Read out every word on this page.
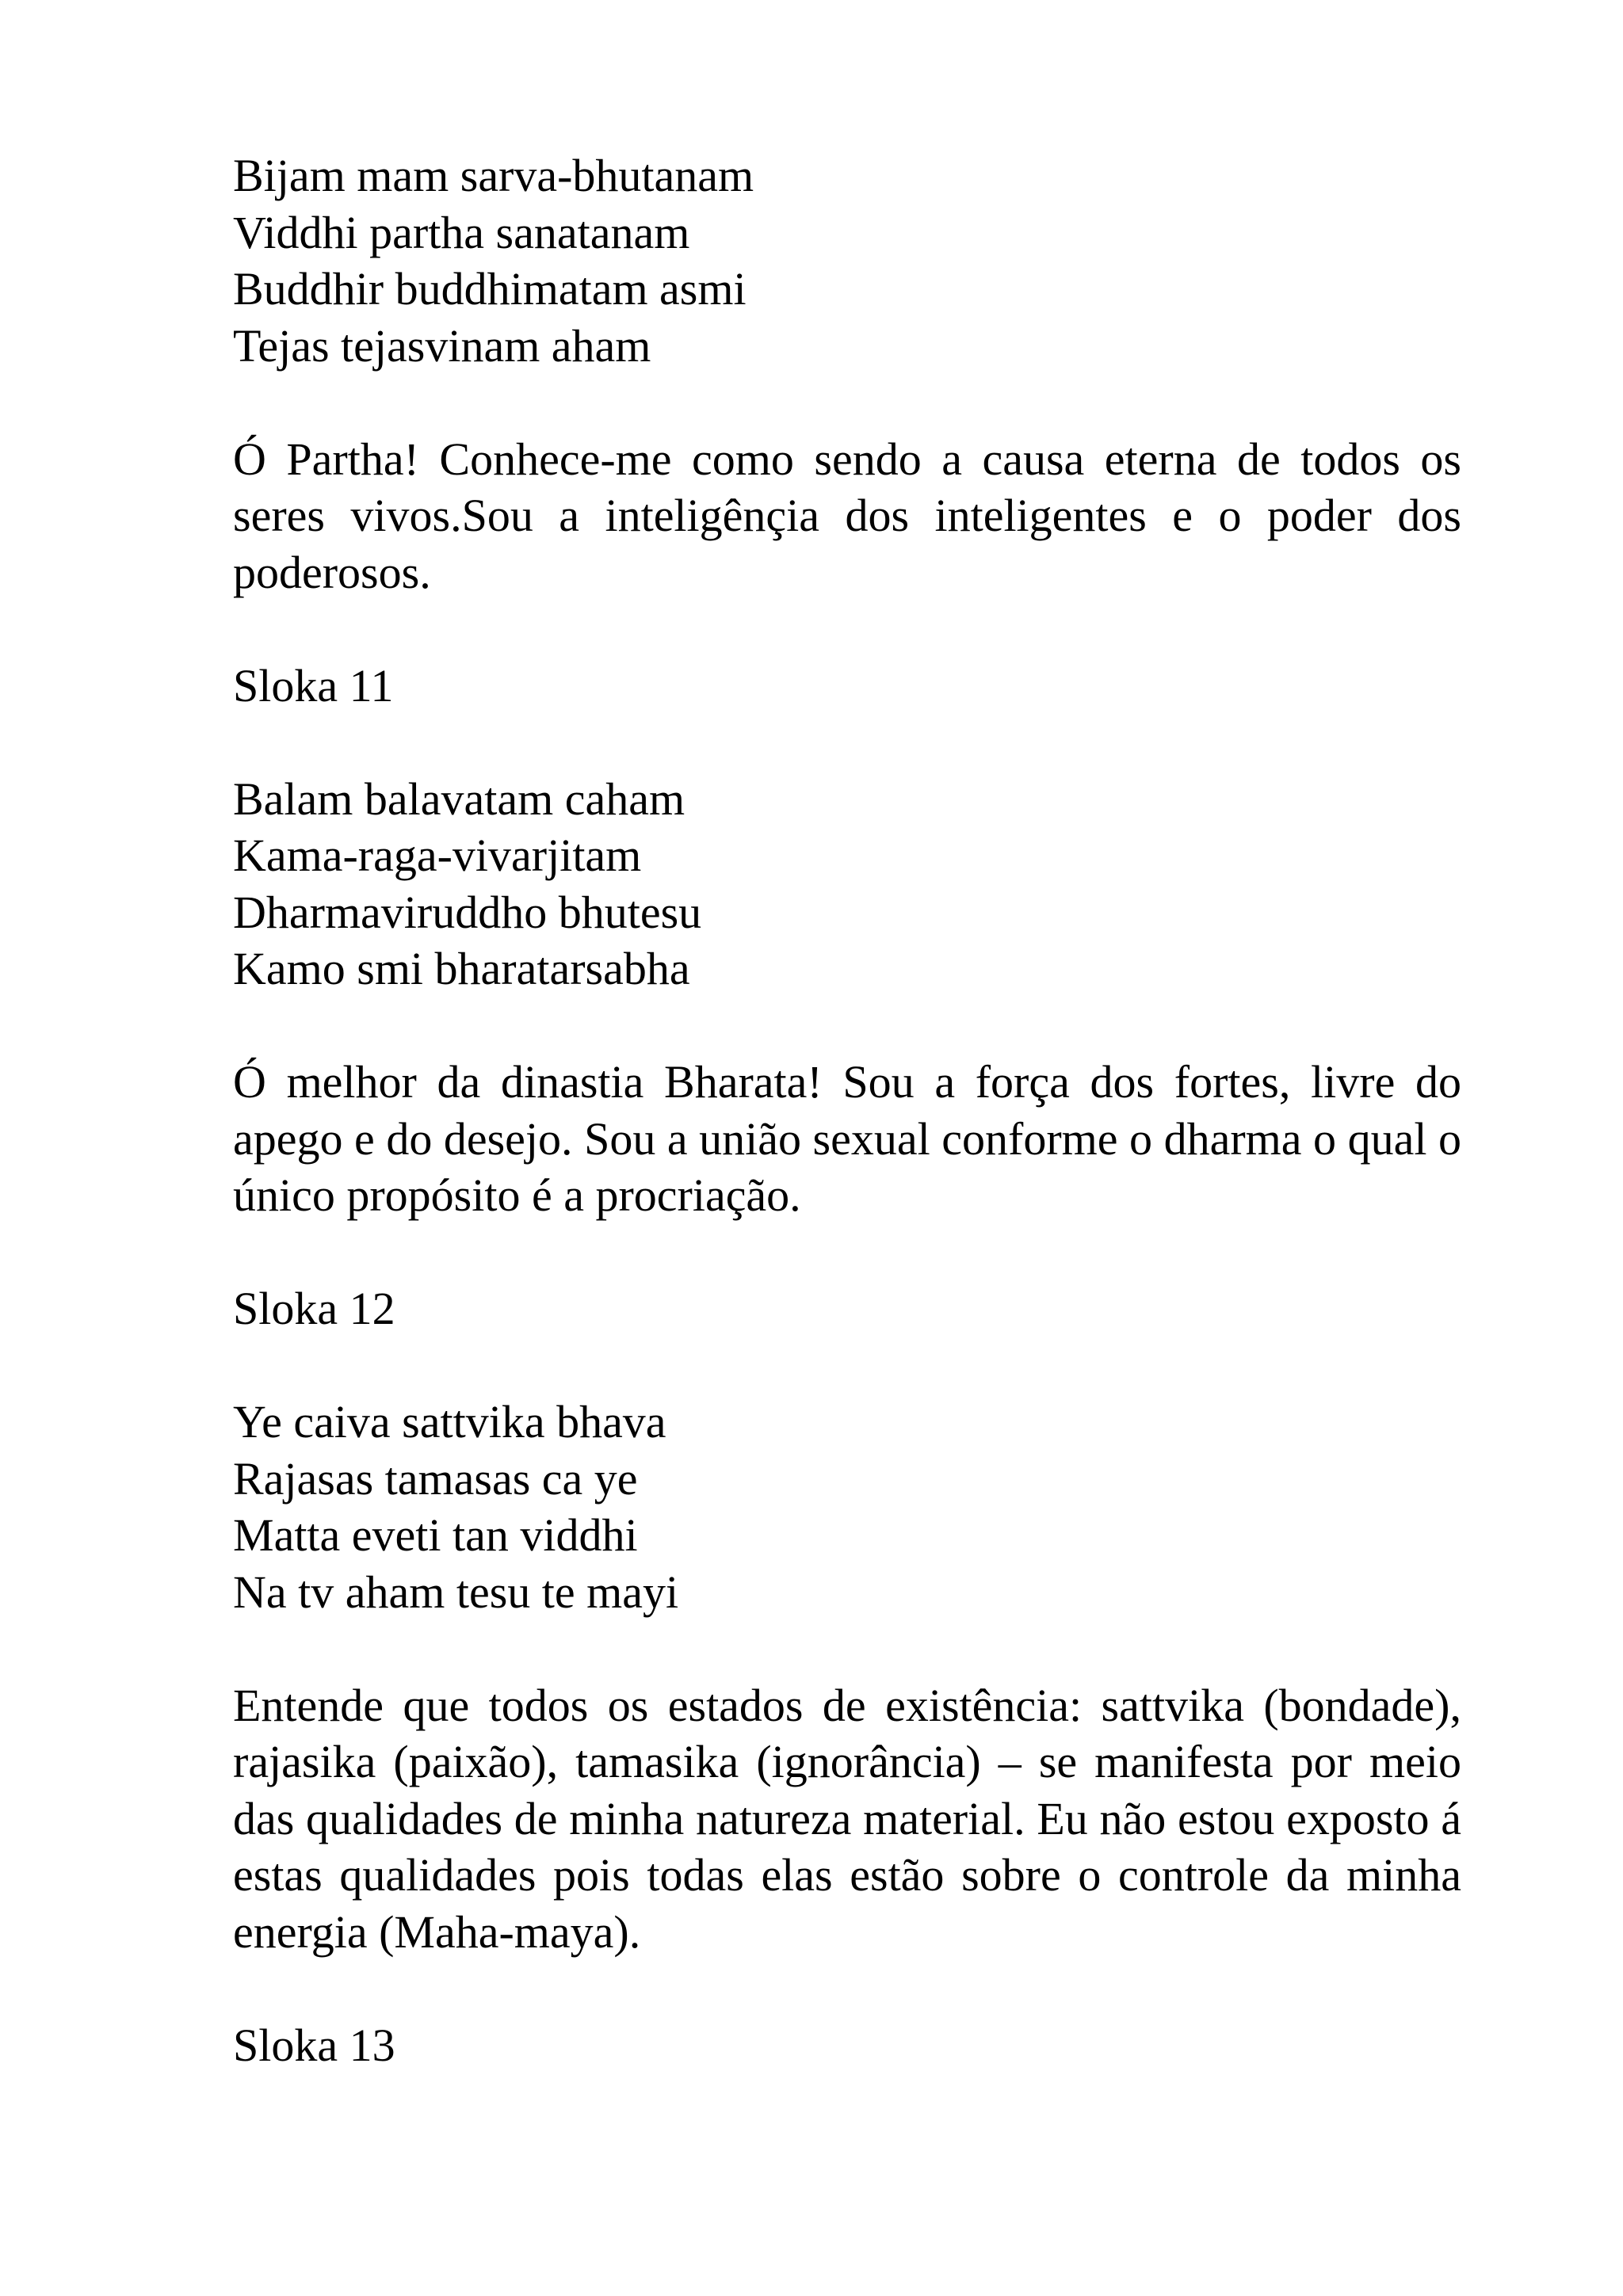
Bijam mam sarva-bhutanam
Viddhi partha sanatanam
Buddhir buddhimatam asmi
Tejas tejasvinam aham
Ó Partha! Conhece-me como sendo a causa eterna de todos os seres vivos.Sou a inteligênçia dos inteligentes e o poder dos poderosos.
Sloka 11
Balam balavatam caham
Kama-raga-vivarjitam
Dharmaviruddho bhutesu
Kamo smi bharatarsabha
Ó melhor da dinastia Bharata! Sou a força dos fortes, livre do apego e do desejo. Sou a união sexual conforme o dharma o qual o único propósito é a procriação.
Sloka 12
Ye caiva sattvika bhava
Rajasas tamasas ca ye
Matta eveti tan viddhi
Na tv aham tesu te mayi
Entende que todos os estados de existência: sattvika (bondade), rajasika (paixão), tamasika (ignorância) – se manifesta por meio das qualidades de minha natureza material. Eu não estou exposto á estas qualidades pois todas elas estão sobre o controle da minha energia (Maha-maya).
Sloka 13
